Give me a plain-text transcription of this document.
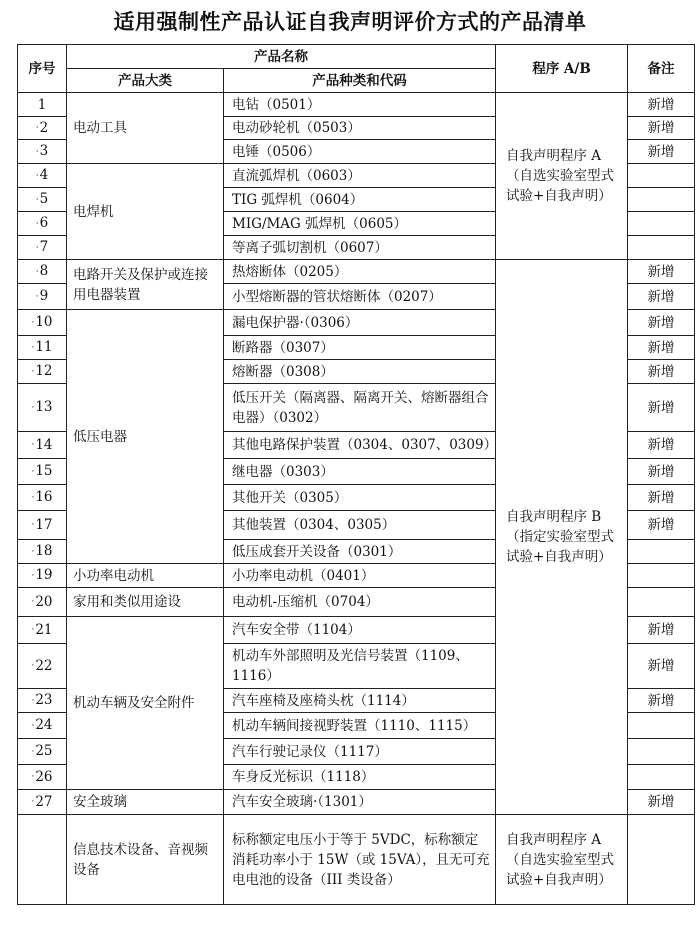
适用强制性产品认证自我声明评价方式的产品清单
序号	产品名称		程序 A/B	备注
	产品大类	产品种类和代码		
1	电动工具	电钻（0501）	自我声明程序 A（自选实验室型式试验+自我声明）	新增
·2		电动砂轮机（0503）		新增
·3		电锤（0506）		新增
·4	电焊机	直流弧焊机（0603）		
·5		TIG 弧焊机（0604）		
·6		MIG/MAG 弧焊机（0605）		
·7		等离子弧切割机（0607）		
·8	电路开关及保护或连接用电器装置	热熔断体（0205）	自我声明程序 B（指定实验室型式试验+自我声明）	新增
·9		小型熔断器的管状熔断体（0207）		新增
·10	低压电器	漏电保护器·（0306）		新增
·11		断路器（0307）		新增
·12		熔断器（0308）		新增
·13		低压开关（隔离器、隔离开关、熔断器组合电器）（0302）		新增
·14		其他电路保护装置（0304、0307、0309）		新增
·15		继电器（0303）		新增
·16		其他开关（0305）		新增
·17		其他装置（0304、0305）		新增
·18		低压成套开关设备（0301）		
·19	小功率电动机	小功率电动机（0401）		
·20	家用和类似用途设	电动机-压缩机（0704）		
·21	机动车辆及安全附件	汽车安全带（1104）		新增
·22		机动车外部照明及光信号装置（1109、1116）		新增
·23		汽车座椅及座椅头枕（1114）		新增
·24		机动车辆间接视野装置（1110、1115）		
·25		汽车行驶记录仪（1117）		
·26		车身反光标识（1118）		
·27	安全玻璃	汽车安全玻璃·（1301）		新增
	信息技术设备、音视频设备	标称额定电压小于等于 5VDC，标称额定消耗功率小于 15W（或 15VA），且无可充电电池的设备（III 类设备）	自我声明程序 A（自选实验室型式试验+自我声明）	
